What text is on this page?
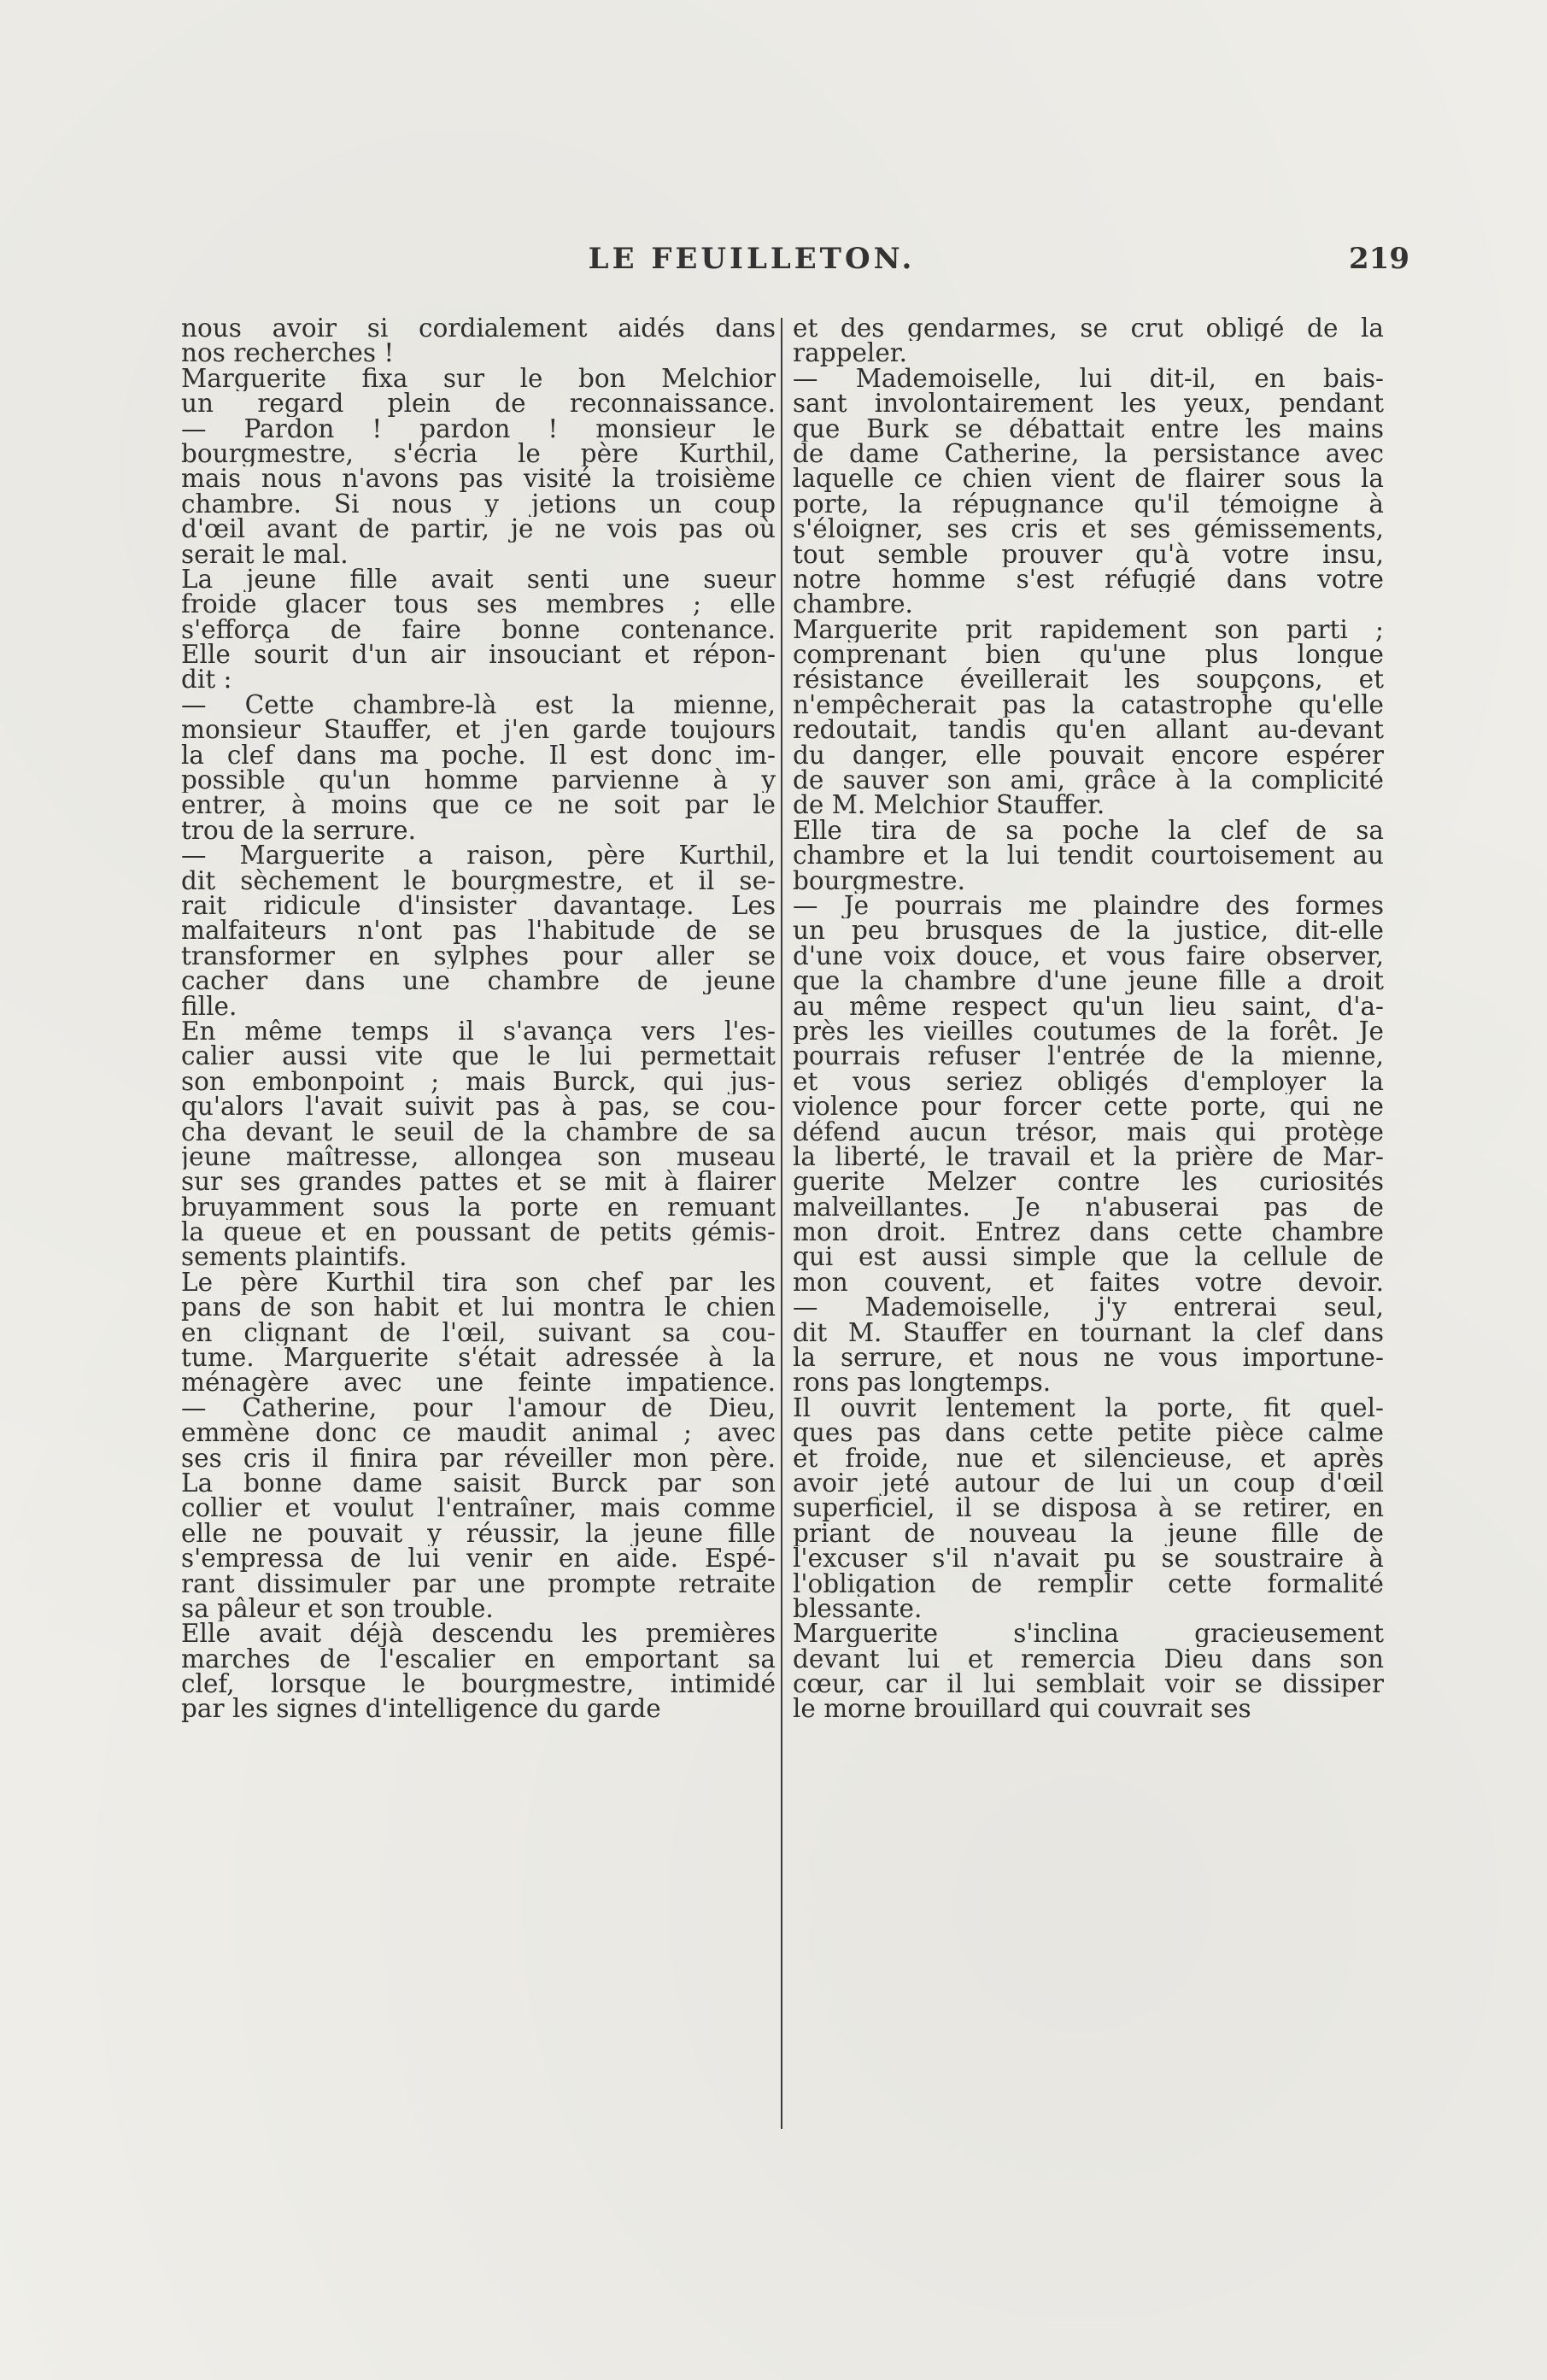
LE FEUILLETON.	219
nous avoir si cordialement aidés dans
nos recherches !
Marguerite fixa sur le bon Melchior
un regard plein de reconnaissance.
— Pardon ! pardon ! monsieur le
bourgmestre, s'écria le père Kurthil,
mais nous n'avons pas visité la troisième
chambre. Si nous y jetions un coup
d'œil avant de partir, je ne vois pas où
serait le mal.
La jeune fille avait senti une sueur
froide glacer tous ses membres ; elle
s'efforça de faire bonne contenance.
Elle sourit d'un air insouciant et répon-
dit :
— Cette chambre-là est la mienne,
monsieur Stauffer, et j'en garde toujours
la clef dans ma poche. Il est donc im-
possible qu'un homme parvienne à y
entrer, à moins que ce ne soit par le
trou de la serrure.
— Marguerite a raison, père Kurthil,
dit sèchement le bourgmestre, et il se-
rait ridicule d'insister davantage. Les
malfaiteurs n'ont pas l'habitude de se
transformer en sylphes pour aller se
cacher dans une chambre de jeune
fille.
En même temps il s'avança vers l'es-
calier aussi vite que le lui permettait
son embonpoint ; mais Burck, qui jus-
qu'alors l'avait suivit pas à pas, se cou-
cha devant le seuil de la chambre de sa
jeune maîtresse, allongea son museau
sur ses grandes pattes et se mit à flairer
bruyamment sous la porte en remuant
la queue et en poussant de petits gémis-
sements plaintifs.
Le père Kurthil tira son chef par les
pans de son habit et lui montra le chien
en clignant de l'œil, suivant sa cou-
tume. Marguerite s'était adressée à la
ménagère avec une feinte impatience.
— Catherine, pour l'amour de Dieu,
emmène donc ce maudit animal ; avec
ses cris il finira par réveiller mon père.
La bonne dame saisit Burck par son
collier et voulut l'entraîner, mais comme
elle ne pouvait y réussir, la jeune fille
s'empressa de lui venir en aide. Espé-
rant dissimuler par une prompte retraite
sa pâleur et son trouble.
Elle avait déjà descendu les premières
marches de l'escalier en emportant sa
clef, lorsque le bourgmestre, intimidé
par les signes d'intelligence du garde
et des gendarmes, se crut obligé de la
rappeler.
— Mademoiselle, lui dit-il, en bais-
sant involontairement les yeux, pendant
que Burk se débattait entre les mains
de dame Catherine, la persistance avec
laquelle ce chien vient de flairer sous la
porte, la répugnance qu'il témoigne à
s'éloigner, ses cris et ses gémissements,
tout semble prouver qu'à votre insu,
notre homme s'est réfugié dans votre
chambre.
Marguerite prit rapidement son parti ;
comprenant bien qu'une plus longue
résistance éveillerait les soupçons, et
n'empêcherait pas la catastrophe qu'elle
redoutait, tandis qu'en allant au-devant
du danger, elle pouvait encore espérer
de sauver son ami, grâce à la complicité
de M. Melchior Stauffer.
Elle tira de sa poche la clef de sa
chambre et la lui tendit courtoisement au
bourgmestre.
— Je pourrais me plaindre des formes
un peu brusques de la justice, dit-elle
d'une voix douce, et vous faire observer,
que la chambre d'une jeune fille a droit
au même respect qu'un lieu saint, d'a-
près les vieilles coutumes de la forêt. Je
pourrais refuser l'entrée de la mienne,
et vous seriez obligés d'employer la
violence pour forcer cette porte, qui ne
défend aucun trésor, mais qui protège
la liberté, le travail et la prière de Mar-
guerite Melzer contre les curiosités
malveillantes. Je n'abuserai pas de
mon droit. Entrez dans cette chambre
qui est aussi simple que la cellule de
mon couvent, et faites votre devoir.
— Mademoiselle, j'y entrerai seul,
dit M. Stauffer en tournant la clef dans
la serrure, et nous ne vous importune-
rons pas longtemps.
Il ouvrit lentement la porte, fit quel-
ques pas dans cette petite pièce calme
et froide, nue et silencieuse, et après
avoir jeté autour de lui un coup d'œil
superficiel, il se disposa à se retirer, en
priant de nouveau la jeune fille de
l'excuser s'il n'avait pu se soustraire à
l'obligation de remplir cette formalité
blessante.
Marguerite s'inclina gracieusement
devant lui et remercia Dieu dans son
cœur, car il lui semblait voir se dissiper
le morne brouillard qui couvrait ses
